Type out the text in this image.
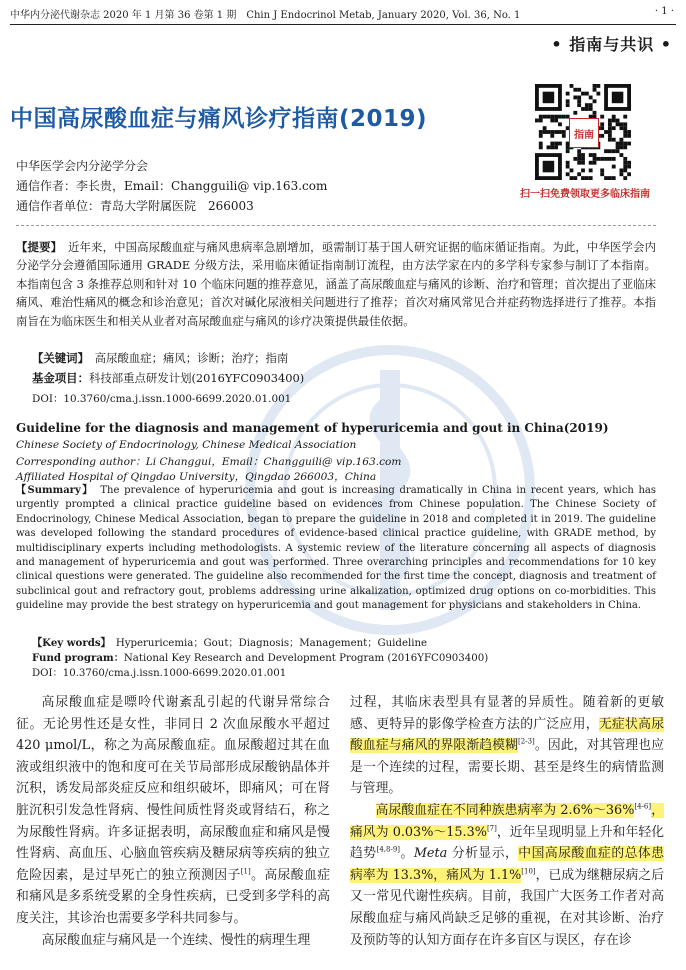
中华内分泌代谢杂志 2020 年 1 月第 36 卷第 1 期　Chin J Endocrinol Metab, January 2020, Vol. 36, No. 1	· 1 ·
• 指南与共识 •
中国高尿酸血症与痛风诊疗指南(2019)
指南
扫一扫免费领取更多临床指南
中华医学会内分泌学分会
通信作者：李长贵，Email：Changguili@ vip.163.com
通信作者单位：青岛大学附属医院　266003
【提要】　 近年来，中国高尿酸血症与痛风患病率急剧增加，亟需制订基于国人研究证据的临床循证指南。为此，中华医学会内分泌学分会遵循国际通用 GRADE 分级方法，采用临床循证指南制订流程，由方法学家在内的多学科专家参与制订了本指南。本指南包含 3 条推荐总则和针对 10 个临床问题的推荐意见，涵盖了高尿酸血症与痛风的诊断、治疗和管理；首次提出了亚临床痛风、难治性痛风的概念和诊治意见；首次对碱化尿液相关问题进行了推荐；首次对痛风常见合并症药物选择进行了推荐。本指南旨在为临床医生和相关从业者对高尿酸血症与痛风的诊疗决策提供最佳依据。
【关键词】　 高尿酸血症；痛风；诊断；治疗；指南
基金项目：科技部重点研发计划(2016YFC0903400)
DOI：10.3760/cma.j.issn.1000-6699.2020.01.001
Guideline for the diagnosis and management of hyperuricemia and gout in China(2019)
Chinese Society of Endocrinology, Chinese Medical Association
Corresponding author：Li Changgui，Email：Changguili@ vip.163.com
Affiliated Hospital of Qingdao University，Qingdao 266003，China
【Summary】　 The prevalence of hyperuricemia and gout is increasing dramatically in China in recent years, which has urgently prompted a clinical practice guideline based on evidences from Chinese population. The Chinese Society of Endocrinology, Chinese Medical Association, began to prepare the guideline in 2018 and completed it in 2019. The guideline was developed following the standard procedures of evidence-based clinical practice guideline, with GRADE method, by multidisciplinary experts including methodologists. A systemic review of the literature concerning all aspects of diagnosis and management of hyperuricemia and gout was performed. Three overarching principles and recommendations for 10 key clinical questions were generated. The guideline also recommended for the first time the concept, diagnosis and treatment of subclinical gout and refractory gout, problems addressing urine alkalization, optimized drug options on co-morbidities. This guideline may provide the best strategy on hyperuricemia and gout management for physicians and stakeholders in China.
【Key words】　 Hyperuricemia；Gout；Diagnosis；Management；Guideline
Fund program：National Key Research and Development Program (2016YFC0903400)
DOI：10.3760/cma.j.issn.1000-6699.2020.01.001

高尿酸血症是嘌呤代谢紊乱引起的代谢异常综合征。无论男性还是女性，非同日 2 次血尿酸水平超过 420 μmol/L，称之为高尿酸血症。血尿酸超过其在血液或组织液中的饱和度可在关节局部形成尿酸钠晶体并沉积，诱发局部炎症反应和组织破坏，即痛风；可在肾脏沉积引发急性肾病、慢性间质性肾炎或肾结石，称之为尿酸性肾病。许多证据表明，高尿酸血症和痛风是慢性肾病、高血压、心脑血管疾病及糖尿病等疾病的独立危险因素，是过早死亡的独立预测因子[1]。高尿酸血症和痛风是多系统受累的全身性疾病，已受到多学科的高度关注，其诊治也需要多学科共同参与。

高尿酸血症与痛风是一个连续、慢性的病理生理

过程，其临床表型具有显著的异质性。随着新的更敏感、更特异的影像学检查方法的广泛应用，无症状高尿酸血症与痛风的界限渐趋模糊[2-3]。因此，对其管理也应是一个连续的过程，需要长期、甚至是终生的病情监测与管理。

高尿酸血症在不同种族患病率为 2.6%～36%[4-6]，痛风为 0.03%～15.3%[7]，近年呈现明显上升和年轻化趋势[4,8-9]。Meta 分析显示，中国高尿酸血症的总体患病率为 13.3%，痛风为 1.1%[10]，已成为继糖尿病之后又一常见代谢性疾病。目前，我国广大医务工作者对高尿酸血症与痛风尚缺乏足够的重视，在对其诊断、治疗及预防等的认知方面存在许多盲区与误区，存在诊
